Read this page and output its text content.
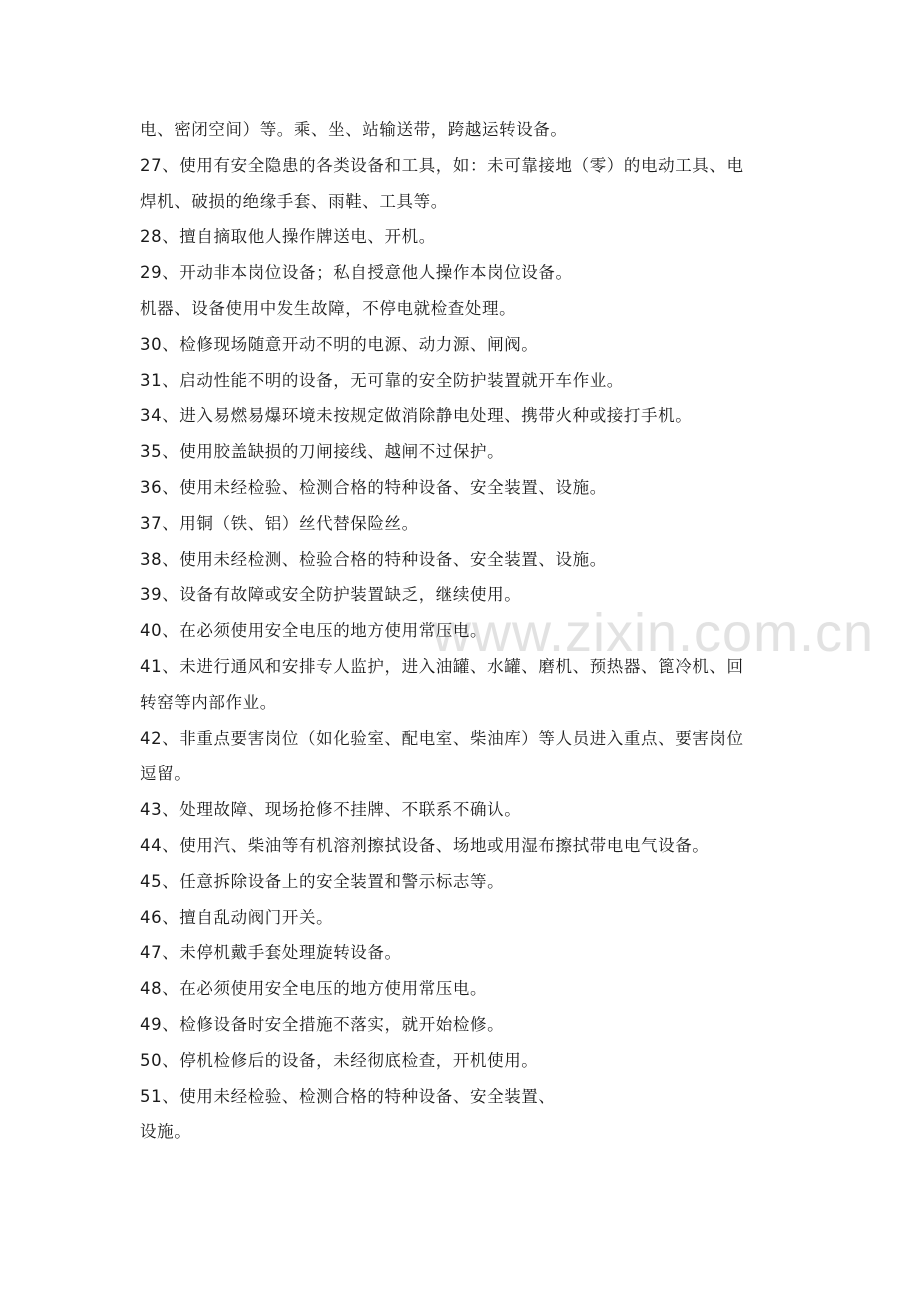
www.zixin.com.cn
电、密闭空间）等。乘、坐、站输送带，跨越运转设备。
27、使用有安全隐患的各类设备和工具，如：未可靠接地（零）的电动工具、电
焊机、破损的绝缘手套、雨鞋、工具等。
28、擅自摘取他人操作牌送电、开机。
29、开动非本岗位设备；私自授意他人操作本岗位设备。
机器、设备使用中发生故障，不停电就检查处理。
30、检修现场随意开动不明的电源、动力源、闸阀。
31、启动性能不明的设备，无可靠的安全防护装置就开车作业。
34、进入易燃易爆环境未按规定做消除静电处理、携带火种或接打手机。
35、使用胶盖缺损的刀闸接线、越闸不过保护。
36、使用未经检验、检测合格的特种设备、安全装置、设施。
37、用铜（铁、铝）丝代替保险丝。
38、使用未经检测、检验合格的特种设备、安全装置、设施。
39、设备有故障或安全防护装置缺乏，继续使用。
40、在必须使用安全电压的地方使用常压电。
41、未进行通风和安排专人监护，进入油罐、水罐、磨机、预热器、篦冷机、回
转窑等内部作业。
42、非重点要害岗位（如化验室、配电室、柴油库）等人员进入重点、要害岗位
逗留。
43、处理故障、现场抢修不挂牌、不联系不确认。
44、使用汽、柴油等有机溶剂擦拭设备、场地或用湿布擦拭带电电气设备。
45、任意拆除设备上的安全装置和警示标志等。
46、擅自乱动阀门开关。
47、未停机戴手套处理旋转设备。
48、在必须使用安全电压的地方使用常压电。
49、检修设备时安全措施不落实，就开始检修。
50、停机检修后的设备，未经彻底检查，开机使用。
51、使用未经检验、检测合格的特种设备、安全装置、
设施。
